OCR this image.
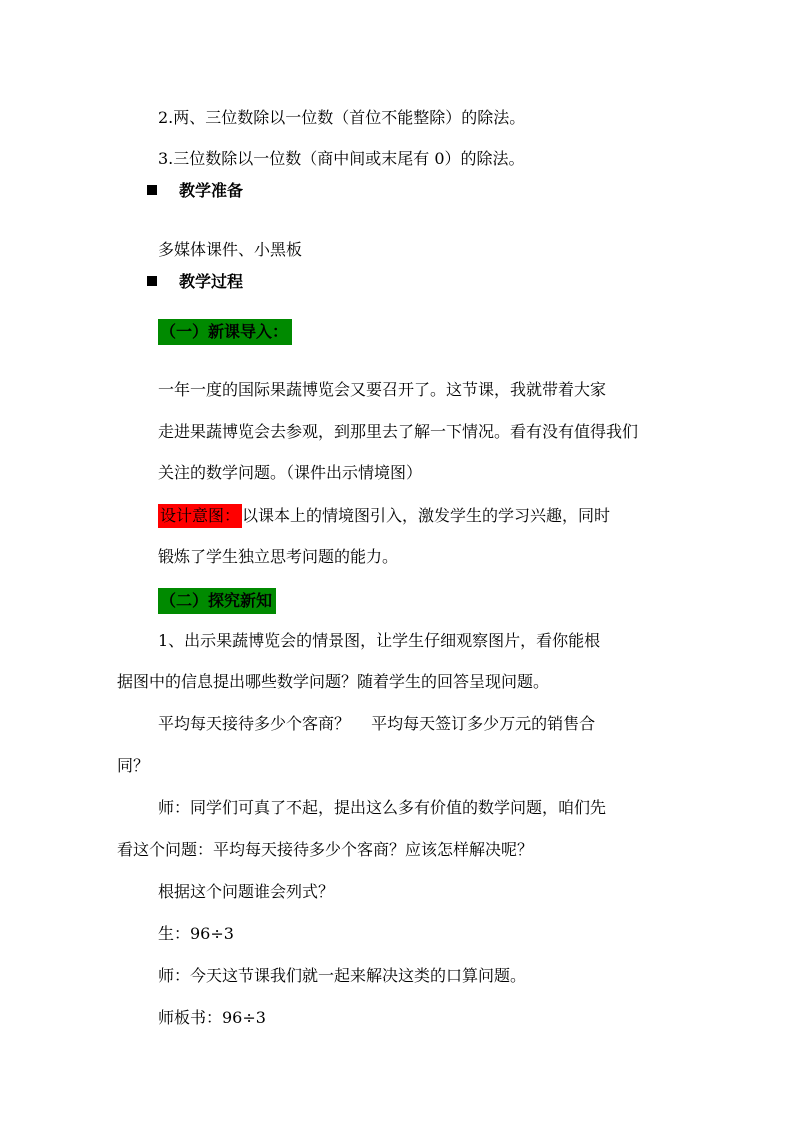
2.两、三位数除以一位数（首位不能整除）的除法。
3.三位数除以一位数（商中间或末尾有 0）的除法。
教学准备
多媒体课件、小黑板
教学过程
（一）新课导入：
一年一度的国际果蔬博览会又要召开了。这节课，我就带着大家
走进果蔬博览会去参观，到那里去了解一下情况。看有没有值得我们
关注的数学问题。（课件出示情境图）
设计意图： 以课本上的情境图引入，激发学生的学习兴趣，同时
锻炼了学生独立思考问题的能力。
（二）探究新知
1、出示果蔬博览会的情景图，让学生仔细观察图片，看你能根
据图中的信息提出哪些数学问题？随着学生的回答呈现问题。
平均每天接待多少个客商？　 平均每天签订多少万元的销售合
同？
师：同学们可真了不起，提出这么多有价值的数学问题，咱们先
看这个问题：平均每天接待多少个客商？应该怎样解决呢？
根据这个问题谁会列式？
生：96÷3
师：今天这节课我们就一起来解决这类的口算问题。
师板书：96÷3
